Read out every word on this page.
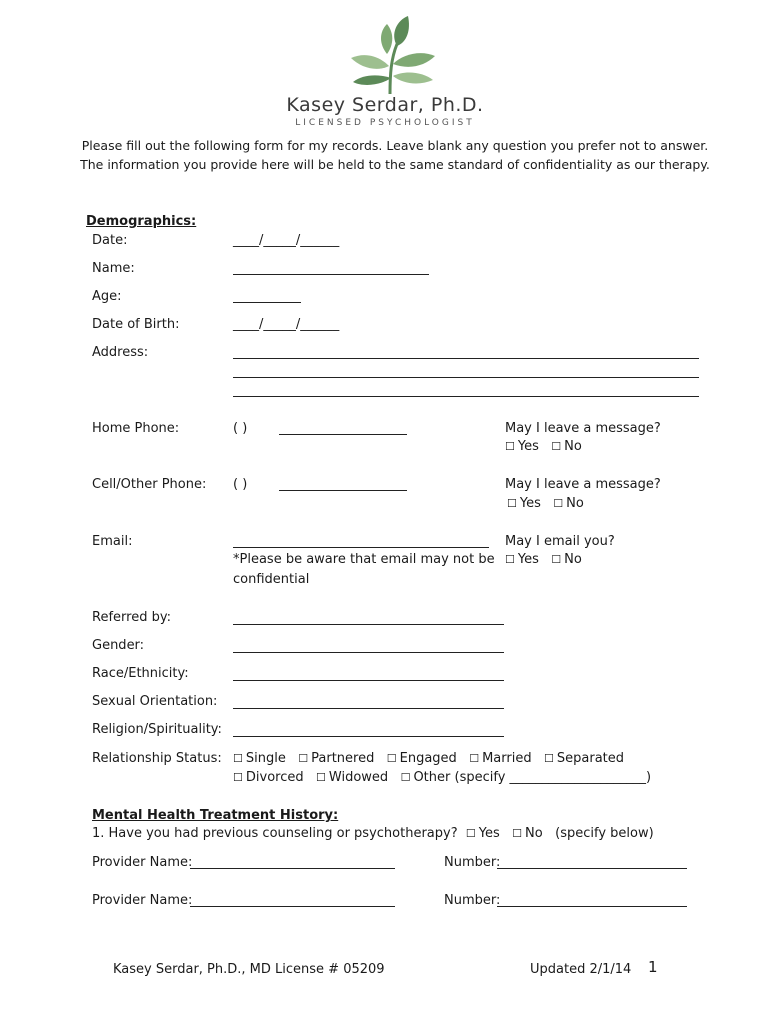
Kasey Serdar, Ph.D.
LICENSED PSYCHOLOGIST
Please fill out the following form for my records. Leave blank any question you prefer not to answer.
The information you provide here will be held to the same standard of confidentiality as our therapy.
Demographics:
Date:	____/_____/______
Name:
Age:
Date of Birth:	____/_____/______
Address:
Home Phone:	( )	May I leave a message?
☐ Yes ☐ No
Cell/Other Phone: ( )	May I leave a message?
☐ Yes ☐ No
Email:
*Please be aware that email may not be
confidential
May I email you?
☐ Yes ☐ No
Referred by:
Gender:
Race/Ethnicity:
Sexual Orientation:
Religion/Spirituality:
Relationship Status: ☐ Single ☐ Partnered ☐ Engaged ☐ Married ☐ Separated
☐ Divorced ☐ Widowed ☐ Other (specify _____________________)
Mental Health Treatment History:
1. Have you had previous counseling or psychotherapy? ☐ Yes ☐ No (specify below)
Provider Name:	Number:
Provider Name:	Number:
Kasey Serdar, Ph.D., MD License # 05209	Updated 2/1/14 1
